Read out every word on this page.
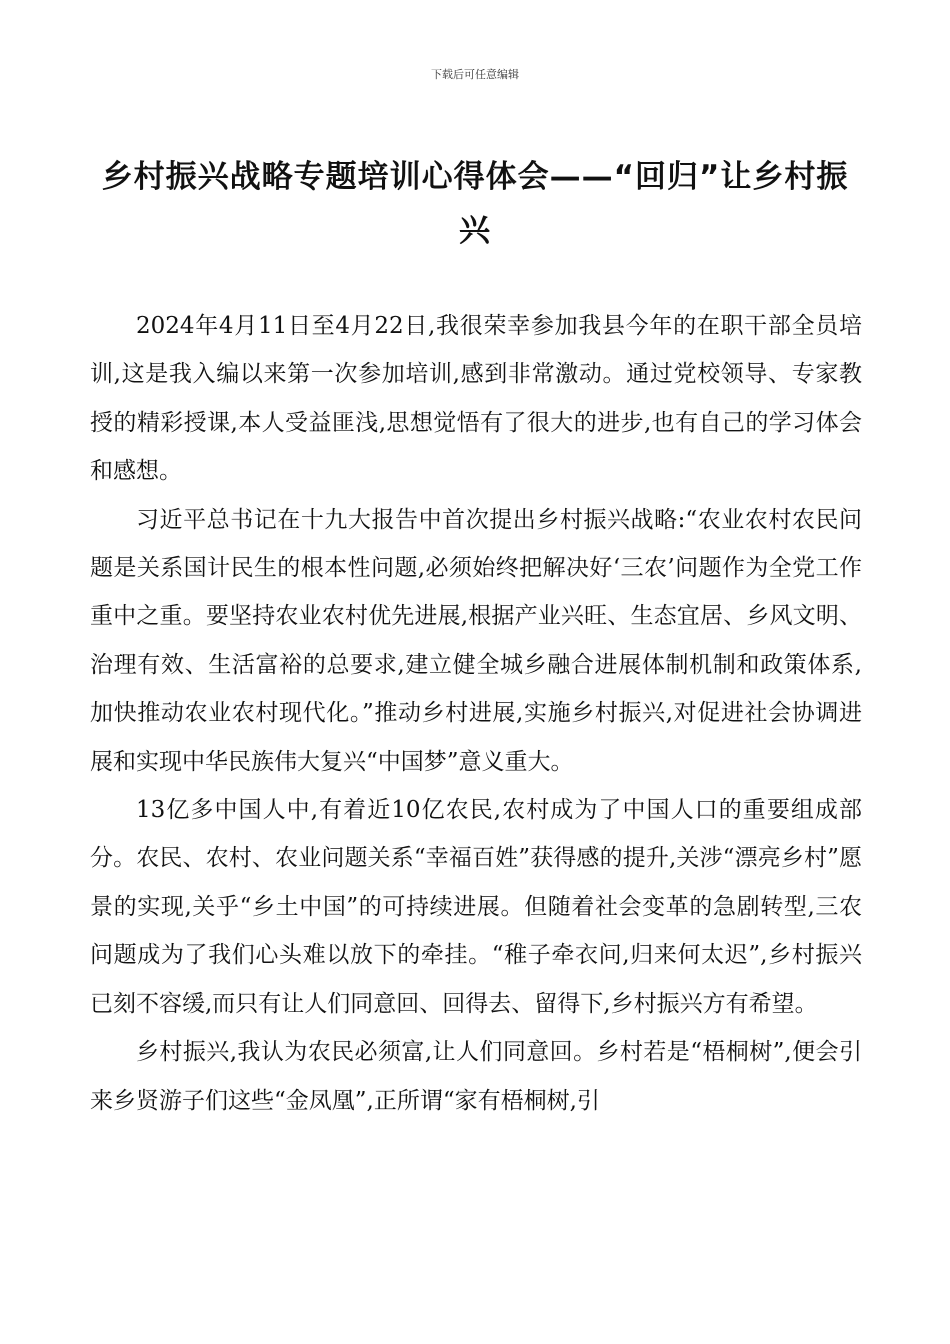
下载后可任意编辑
乡村振兴战略专题培训心得体会——“回归”让乡村振兴

2024年4月11日至4月22日,我很荣幸参加我县今年的在职干部全员培训,这是我入编以来第一次参加培训,感到非常激动。通过党校领导、专家教授的精彩授课,本人受益匪浅,思想觉悟有了很大的进步,也有自己的学习体会和感想。

习近平总书记在十九大报告中首次提出乡村振兴战略:“农业农村农民问题是关系国计民生的根本性问题,必须始终把解决好‘三农’问题作为全党工作重中之重。要坚持农业农村优先进展,根据产业兴旺、生态宜居、乡风文明、治理有效、生活富裕的总要求,建立健全城乡融合进展体制机制和政策体系,加快推动农业农村现代化。”推动乡村进展,实施乡村振兴,对促进社会协调进展和实现中华民族伟大复兴“中国梦”意义重大。

13亿多中国人中,有着近10亿农民,农村成为了中国人口的重要组成部分。农民、农村、农业问题关系“幸福百姓”获得感的提升,关涉“漂亮乡村”愿景的实现,关乎“乡土中国”的可持续进展。但随着社会变革的急剧转型,三农问题成为了我们心头难以放下的牵挂。“稚子牵衣问,归来何太迟”,乡村振兴已刻不容缓,而只有让人们同意回、回得去、留得下,乡村振兴方有希望。

乡村振兴,我认为农民必须富,让人们同意回。乡村若是“梧桐树”,便会引来乡贤游子们这些“金凤凰”,正所谓“家有梧桐树,引
